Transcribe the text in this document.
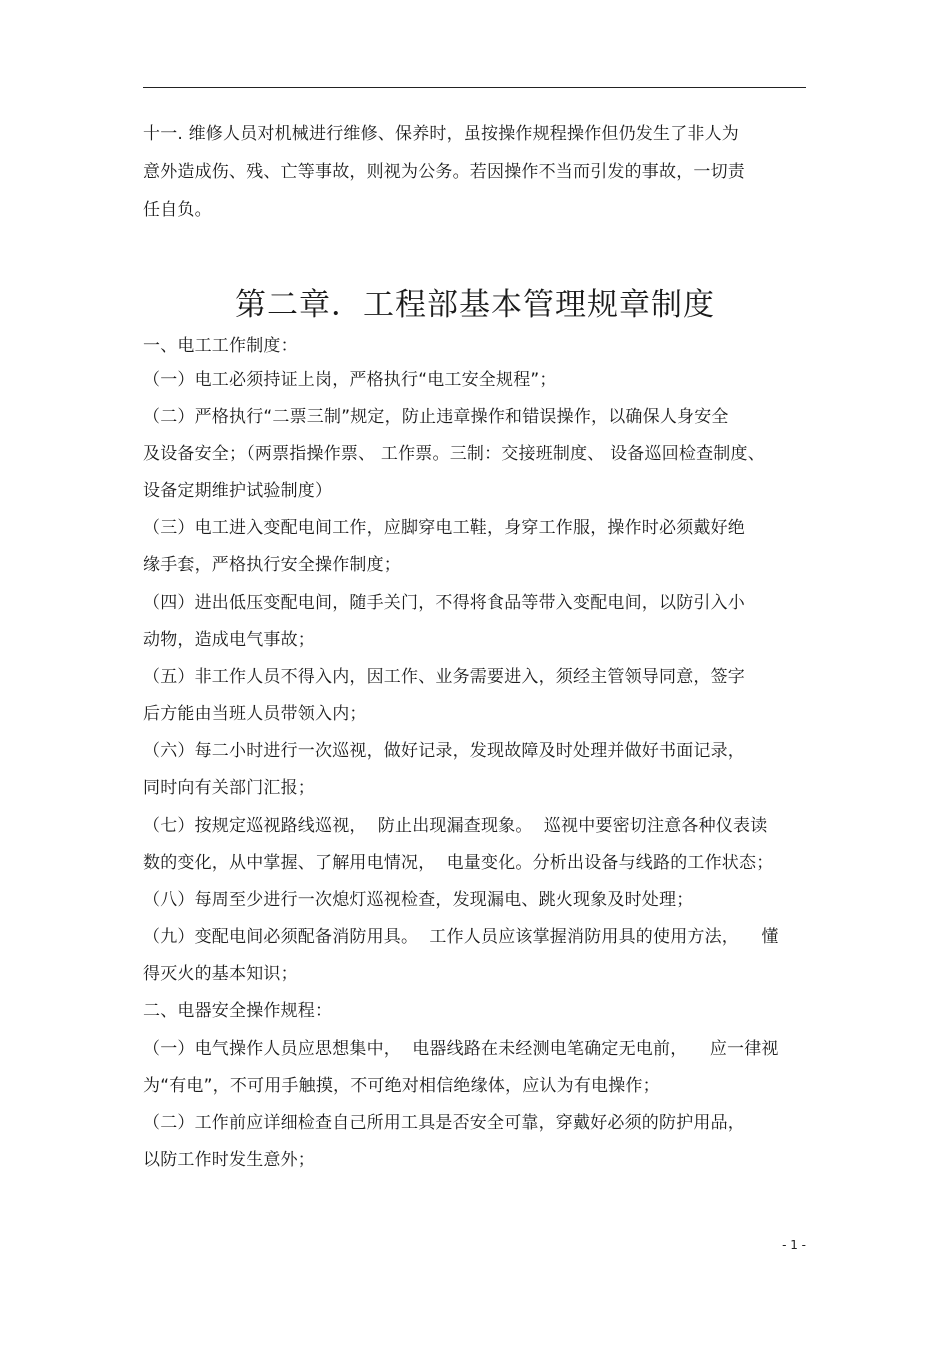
十一. 维修人员对机械进行维修、保养时，虽按操作规程操作但仍发生了非人为
意外造成伤、残、亡等事故，则视为公务。若因操作不当而引发的事故，一切责
任自负。
第二章．工程部基本管理规章制度
一、电工工作制度：
（一）电工必须持证上岗，严格执行“电工安全规程”；
（二）严格执行“二票三制”规定，防止违章操作和错误操作，以确保人身安全
及设备安全；（两票指操作票、 工作票。三制：交接班制度、 设备巡回检查制度、
设备定期维护试验制度）
（三）电工进入变配电间工作，应脚穿电工鞋，身穿工作服，操作时必须戴好绝
缘手套，严格执行安全操作制度；
（四）进出低压变配电间，随手关门，不得将食品等带入变配电间，以防引入小
动物，造成电气事故；
（五）非工作人员不得入内，因工作、业务需要进入，须经主管领导同意，签字
后方能由当班人员带领入内；
（六）每二小时进行一次巡视，做好记录，发现故障及时处理并做好书面记录，
同时向有关部门汇报；
（七）按规定巡视路线巡视，  防止出现漏查现象。  巡视中要密切注意各种仪表读
数的变化，从中掌握、了解用电情况，  电量变化。分析出设备与线路的工作状态；
（八）每周至少进行一次熄灯巡视检查，发现漏电、跳火现象及时处理；
（九）变配电间必须配备消防用具。  工作人员应该掌握消防用具的使用方法，    懂
得灭火的基本知识；
二、电器安全操作规程：
（一）电气操作人员应思想集中，  电器线路在未经测电笔确定无电前，    应一律视
为“有电”，不可用手触摸，不可绝对相信绝缘体，应认为有电操作；
（二）工作前应详细检查自己所用工具是否安全可靠，穿戴好必须的防护用品，
以防工作时发生意外；
- 1 -
